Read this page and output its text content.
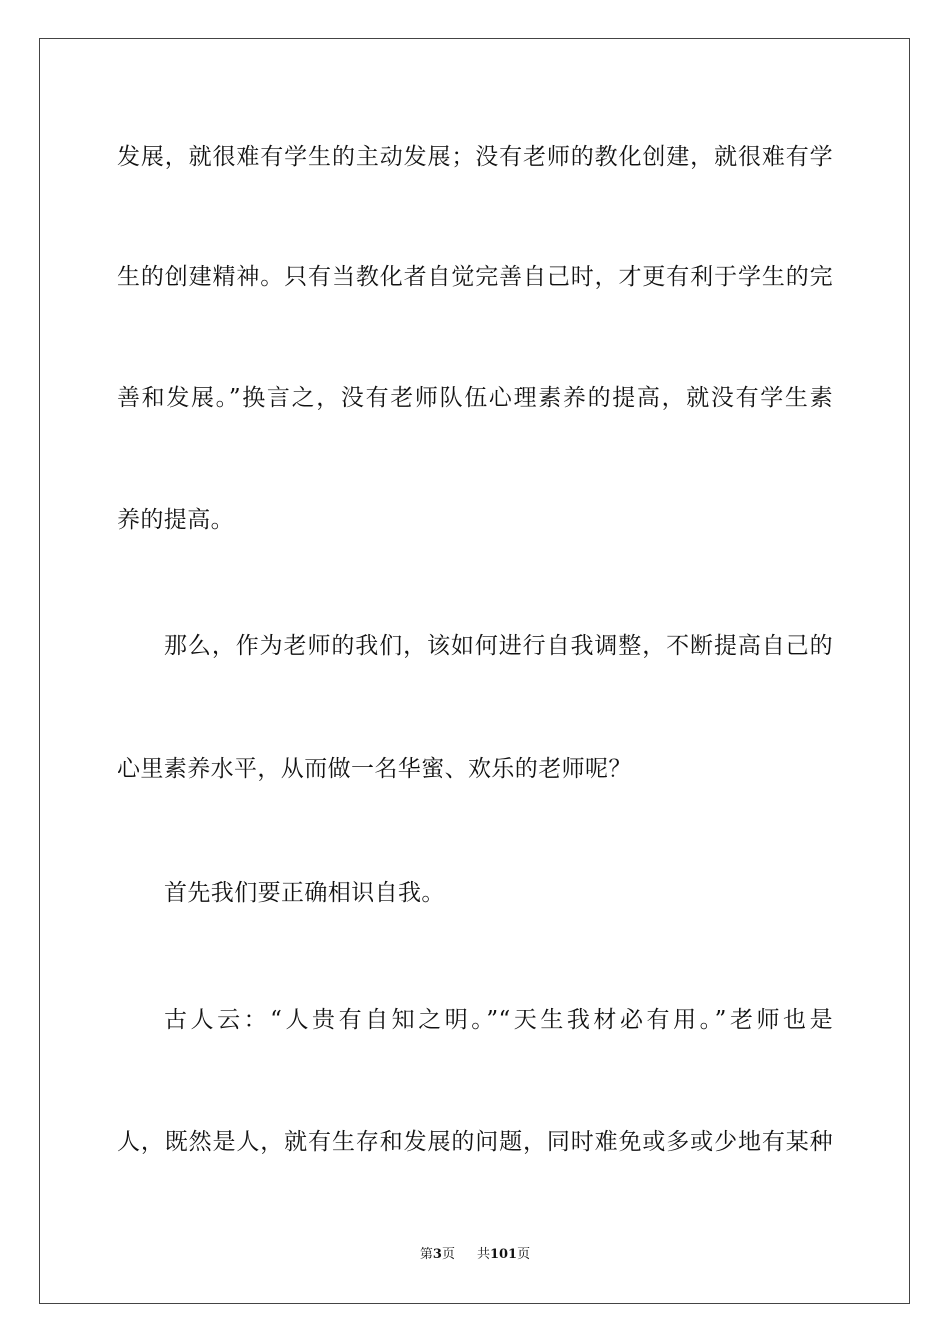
发展，就很难有学生的主动发展；没有老师的教化创建，就很难有学
生的创建精神。只有当教化者自觉完善自己时，才更有利于学生的完
善和发展。”换言之，没有老师队伍心理素养的提高，就没有学生素
养的提高。
那么，作为老师的我们，该如何进行自我调整，不断提高自己的
心里素养水平，从而做一名华蜜、欢乐的老师呢？
首先我们要正确相识自我。
古人云：“人贵有自知之明。”“天生我材必有用。”老师也是
人，既然是人，就有生存和发展的问题，同时难免或多或少地有某种
第3页 共101页
